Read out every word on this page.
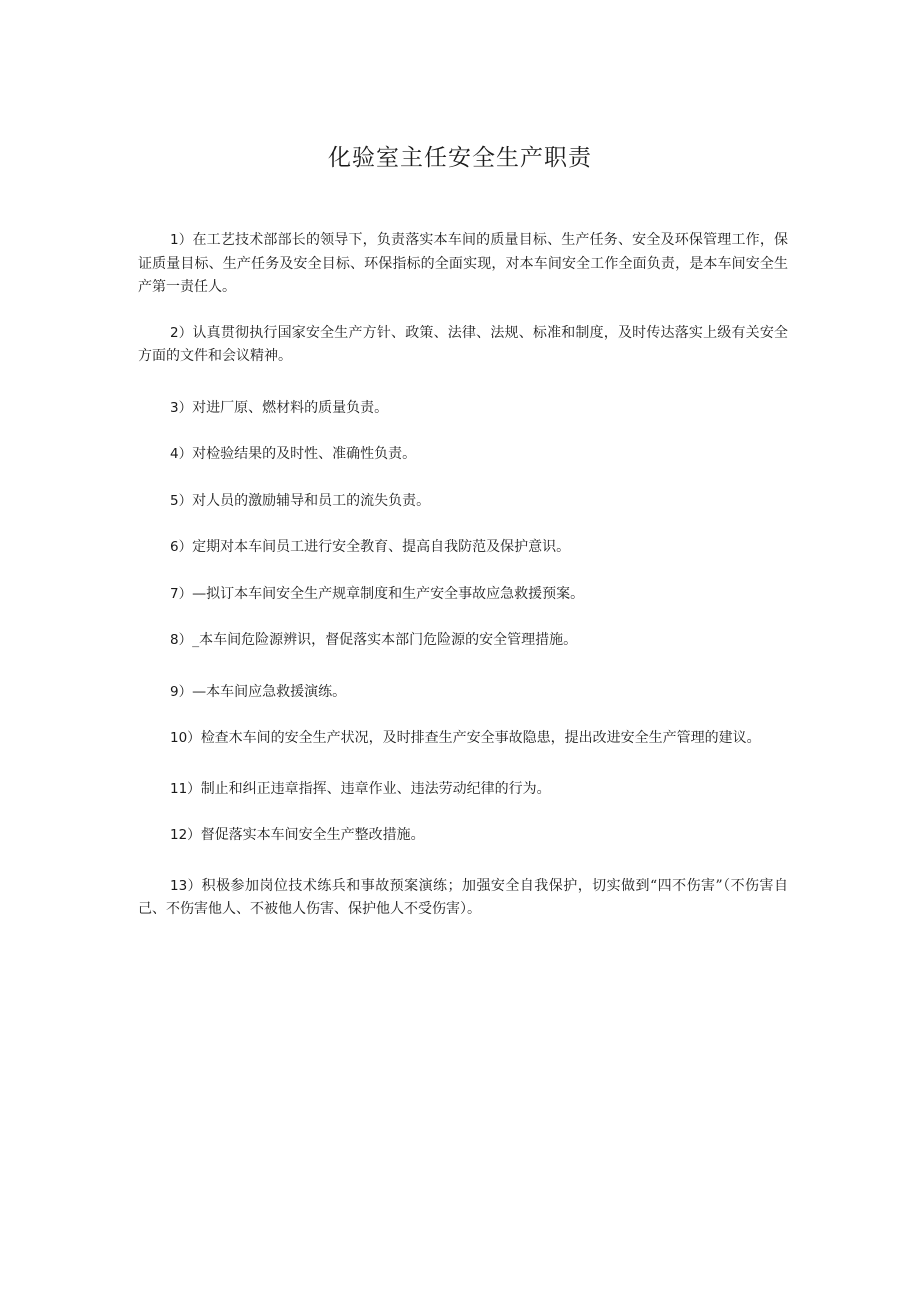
化验室主任安全生产职责
1）在工艺技术部部长的领导下，负责落实本车间的质量目标、生产任务、安全及环保管理工作，保证质量目标、生产任务及安全目标、环保指标的全面实现，对本车间安全工作全面负责，是本车间安全生产第一责任人。
2）认真贯彻执行国家安全生产方针、政策、法律、法规、标准和制度，及时传达落实上级有关安全方面的文件和会议精神。
3）对进厂原、燃材料的质量负责。
4）对检验结果的及时性、准确性负责。
5）对人员的激励辅导和员工的流失负责。
6）定期对本车间员工进行安全教育、提高自我防范及保护意识。
7）—拟订本车间安全生产规章制度和生产安全事故应急救援预案。
8）_本车间危险源辨识，督促落实本部门危险源的安全管理措施。
9）—本车间应急救援演练。
10）检查木车间的安全生产状况，及时排查生产安全事故隐患，提出改进安全生产管理的建议。
11）制止和纠正违章指挥、违章作业、违法劳动纪律的行为。
12）督促落实本车间安全生产整改措施。
13）积极参加岗位技术练兵和事故预案演练；加强安全自我保护，切实做到“四不伤害”（不伤害自己、不伤害他人、不被他人伤害、保护他人不受伤害）。
